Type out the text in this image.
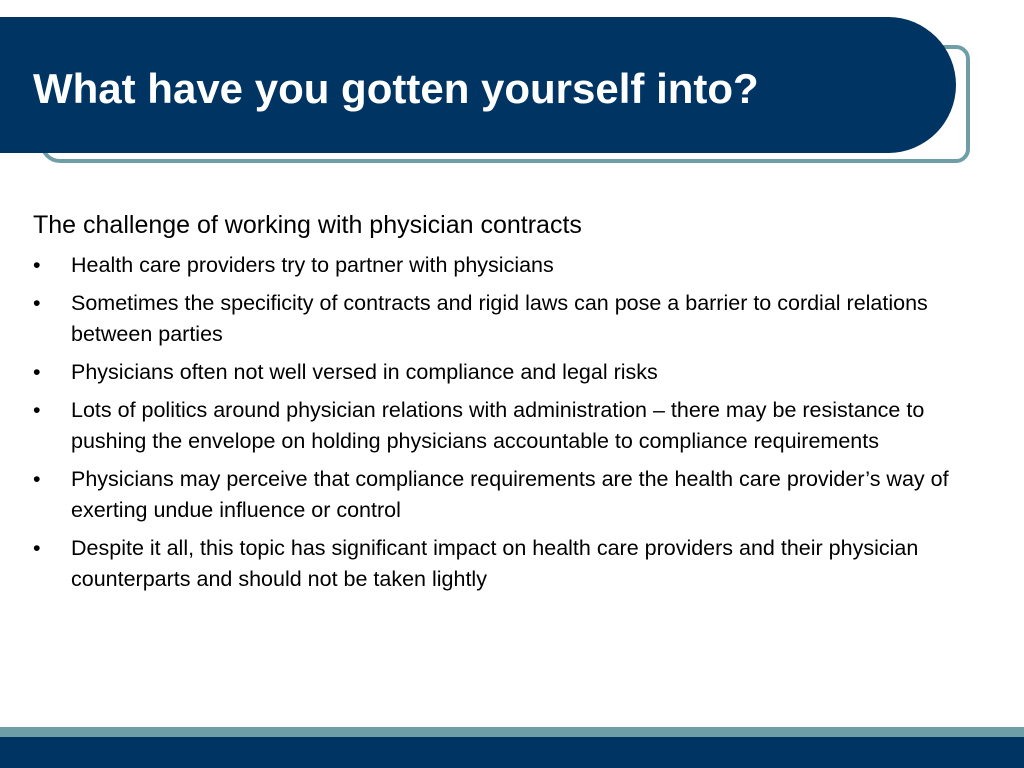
What have you gotten yourself into?

The challenge of working with physician contracts

•	Health care providers try to partner with physicians
•	Sometimes the specificity of contracts and rigid laws can pose a barrier to cordial relations between parties
•	Physicians often not well versed in compliance and legal risks
•	Lots of politics around physician relations with administration – there may be resistance to pushing the envelope on holding physicians accountable to compliance requirements
•	Physicians may perceive that compliance requirements are the health care provider’s way of exerting undue influence or control
•	Despite it all, this topic has significant impact on health care providers and their physician counterparts and should not be taken lightly
